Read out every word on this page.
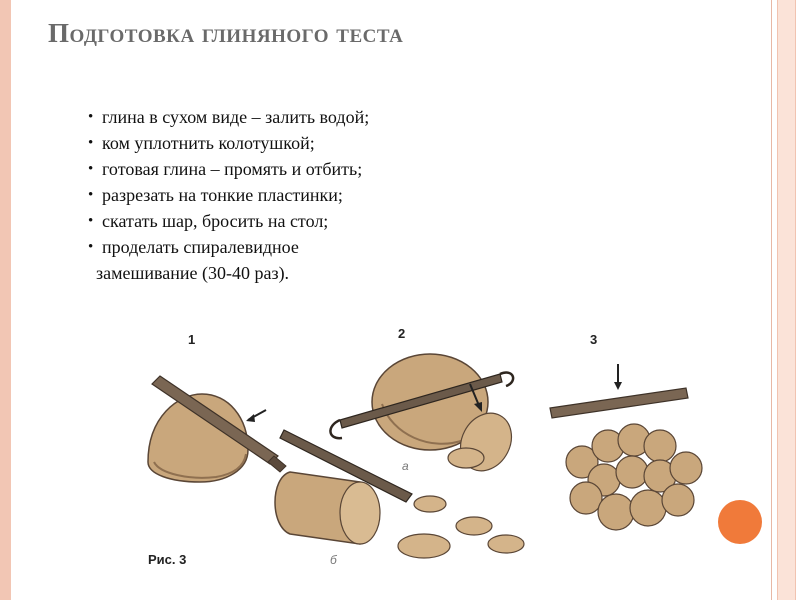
Подготовка глиняного теста
• глина в сухом виде – залить водой;
• ком уплотнить колотушкой;
• готовая глина – промять и отбить;
• разрезать на тонкие пластинки;
• скатать шар, бросить на стол;
• проделать спиралевидное
замешивание (30-40 раз).
1	2
а
б
3
Рис. 3
